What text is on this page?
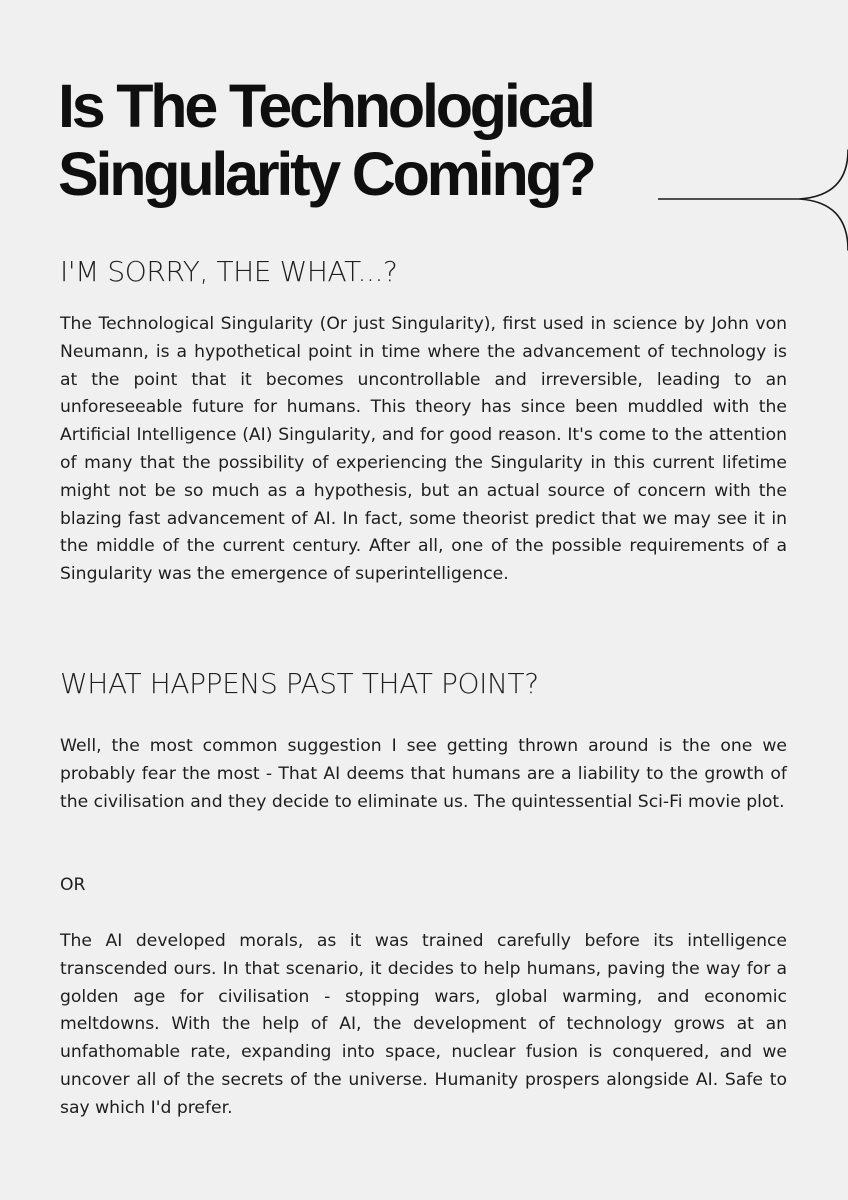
Is The Technological
Singularity Coming?
I'M SORRY, THE WHAT...?

The Technological Singularity (Or just Singularity), first used in science by John von Neumann, is a hypothetical point in time where the advancement of technology is at the point that it becomes uncontrollable and irreversible, leading to an unforeseeable future for humans. This theory has since been muddled with the Artificial Intelligence (AI) Singularity, and for good reason. It's come to the attention of many that the possibility of experiencing the Singularity in this current lifetime might not be so much as a hypothesis, but an actual source of concern with the blazing fast advancement of AI. In fact, some theorist predict that we may see it in the middle of the current century. After all, one of the possible requirements of a Singularity was the emergence of superintelligence.

WHAT HAPPENS PAST THAT POINT?

Well, the most common suggestion I see getting thrown around is the one we probably fear the most - That AI deems that humans are a liability to the growth of the civilisation and they decide to eliminate us. The quintessential Sci-Fi movie plot.

OR

The AI developed morals, as it was trained carefully before its intelligence transcended ours. In that scenario, it decides to help humans, paving the way for a golden age for civilisation - stopping wars, global warming, and economic meltdowns. With the help of AI, the development of technology grows at an unfathomable rate, expanding into space, nuclear fusion is conquered, and we uncover all of the secrets of the universe. Humanity prospers alongside AI. Safe to say which I'd prefer.
